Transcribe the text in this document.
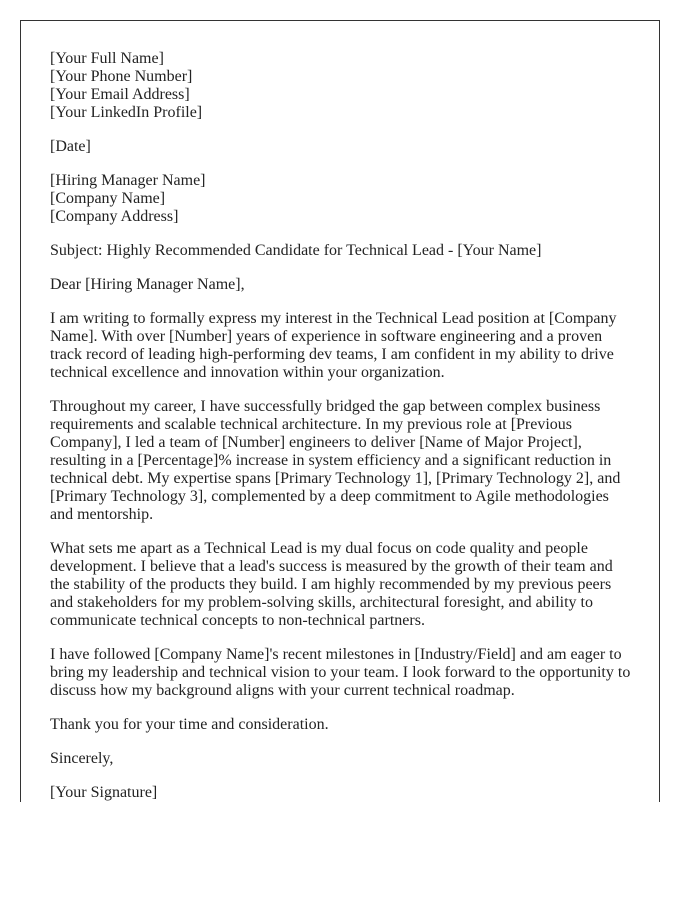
[Your Full Name]
[Your Phone Number]
[Your Email Address]
[Your LinkedIn Profile]
[Date]
[Hiring Manager Name]
[Company Name]
[Company Address]
Subject: Highly Recommended Candidate for Technical Lead - [Your Name]
Dear [Hiring Manager Name],

I am writing to formally express my interest in the Technical Lead position at [Company
Name]. With over [Number] years of experience in software engineering and a proven
track record of leading high-performing dev teams, I am confident in my ability to drive
technical excellence and innovation within your organization.

Throughout my career, I have successfully bridged the gap between complex business
requirements and scalable technical architecture. In my previous role at [Previous
Company], I led a team of [Number] engineers to deliver [Name of Major Project],
resulting in a [Percentage]% increase in system efficiency and a significant reduction in
technical debt. My expertise spans [Primary Technology 1], [Primary Technology 2], and
[Primary Technology 3], complemented by a deep commitment to Agile methodologies
and mentorship.

What sets me apart as a Technical Lead is my dual focus on code quality and people
development. I believe that a lead's success is measured by the growth of their team and
the stability of the products they build. I am highly recommended by my previous peers
and stakeholders for my problem-solving skills, architectural foresight, and ability to
communicate technical concepts to non-technical partners.

I have followed [Company Name]'s recent milestones in [Industry/Field] and am eager to
bring my leadership and technical vision to your team. I look forward to the opportunity to
discuss how my background aligns with your current technical roadmap.

Thank you for your time and consideration.
Sincerely,
[Your Signature]
